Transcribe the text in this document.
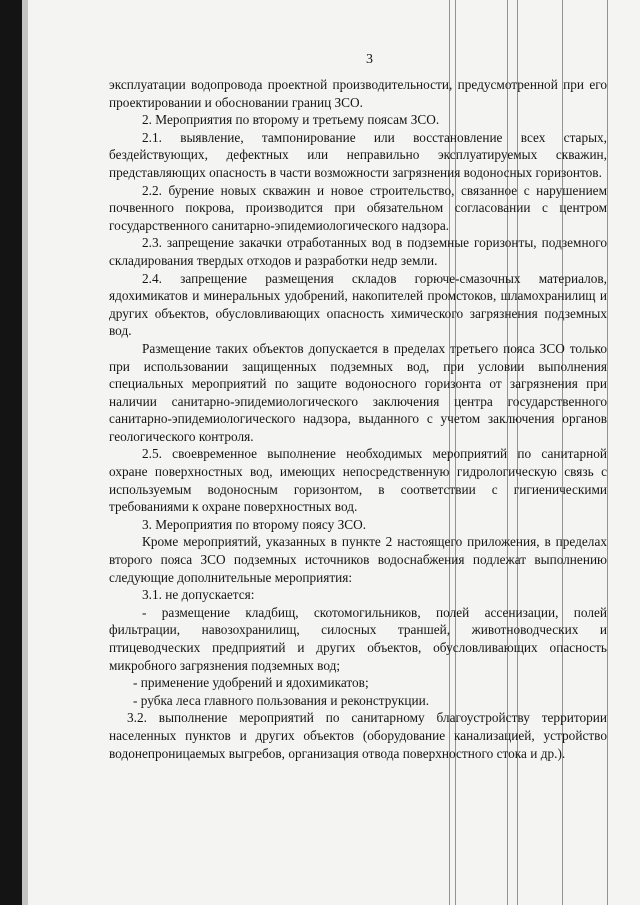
3

эксплуатации водопровода проектной производительности, предусмотренной при его проектировании и обосновании границ ЗСО.

2. Мероприятия по второму и третьему поясам ЗСО.

2.1. выявление, тампонирование или восстановление всех старых, бездействующих, дефектных или неправильно эксплуатируемых скважин, представляющих опасность в части возможности загрязнения водоносных горизонтов.

2.2. бурение новых скважин и новое строительство, связанное с нарушением почвенного покрова, производится при обязательном согласовании с центром государственного санитарно-эпидемиологического надзора.

2.3. запрещение закачки отработанных вод в подземные горизонты, подземного складирования твердых отходов и разработки недр земли.

2.4. запрещение размещения складов горюче-смазочных материалов, ядохимикатов и минеральных удобрений, накопителей промстоков, шламохранилищ и других объектов, обусловливающих опасность химического загрязнения подземных вод.

Размещение таких объектов допускается в пределах третьего пояса ЗСО только при использовании защищенных подземных вод, при условии выполнения специальных мероприятий по защите водоносного горизонта от загрязнения при наличии санитарно-эпидемиологического заключения центра государственного санитарно-эпидемиологического надзора, выданного с учетом заключения органов геологического контроля.

2.5. своевременное выполнение необходимых мероприятий по санитарной охране поверхностных вод, имеющих непосредственную гидрологическую связь с используемым водоносным горизонтом, в соответствии с гигиеническими требованиями к охране поверхностных вод.

3. Мероприятия по второму поясу ЗСО.

Кроме мероприятий, указанных в пункте 2 настоящего приложения, в пределах второго пояса ЗСО подземных источников водоснабжения подлежат выполнению следующие дополнительные мероприятия:

3.1. не допускается:

- размещение кладбищ, скотомогильников, полей ассенизации, полей фильтрации, навозохранилищ, силосных траншей, животноводческих и птицеводческих предприятий и других объектов, обусловливающих опасность микробного загрязнения подземных вод;

- применение удобрений и ядохимикатов;

- рубка леса главного пользования и реконструкции.

3.2. выполнение мероприятий по санитарному благоустройству территории населенных пунктов и других объектов (оборудование канализацией, устройство водонепроницаемых выгребов, организация отвода поверхностного стока и др.).
